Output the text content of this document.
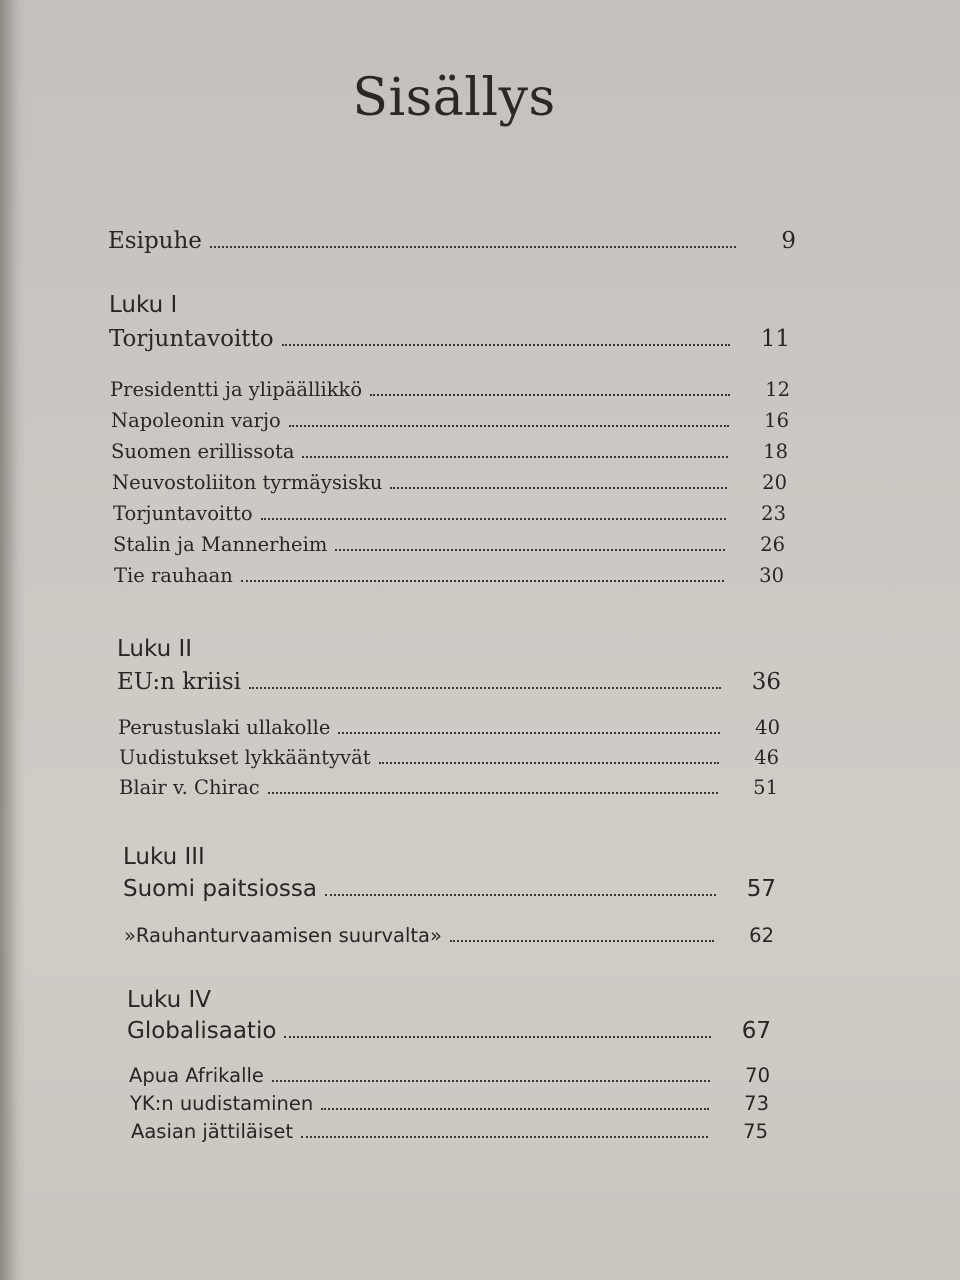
Sisällys
Esipuhe	9
Luku I
Torjuntavoitto	11
Presidentti ja ylipäällikkö	12
Napoleonin varjo	16
Suomen erillissota	18
Neuvostoliiton tyrmäysisku	20
Torjuntavoitto	23
Stalin ja Mannerheim	26
Tie rauhaan	30
Luku II
EU:n kriisi	36
Perustuslaki ullakolle	40
Uudistukset lykkääntyvät	46
Blair v. Chirac	51
Luku III
Suomi paitsiossa	57
»Rauhanturvaamisen suurvalta»	62
Luku IV
Globalisaatio	67
Apua Afrikalle	70
YK:n uudistaminen	73
Aasian jättiläiset	75
